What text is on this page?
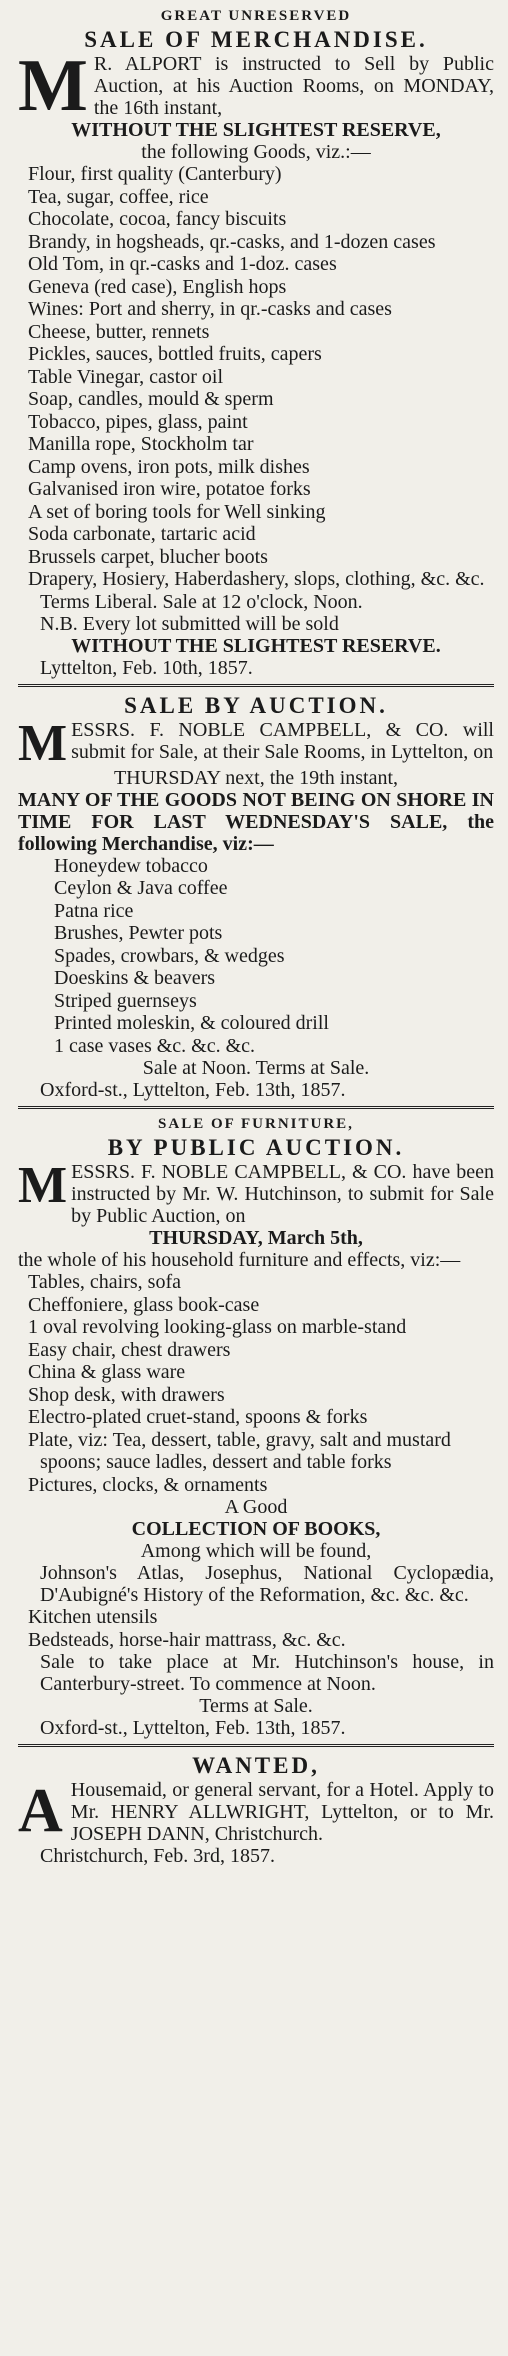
GREAT UNRESERVED
SALE OF MERCHANDISE.
M R. ALPORT is instructed to Sell by Public Auction, at his Auction Rooms, on MONDAY, the 16th instant,
WITHOUT THE SLIGHTEST RESERVE,
the following Goods, viz.:—
Flour, first quality (Canterbury)
Tea, sugar, coffee, rice
Chocolate, cocoa, fancy biscuits
Brandy, in hogsheads, qr.-casks, and 1-dozen cases
Old Tom, in qr.-casks and 1-doz. cases
Geneva (red case), English hops
Wines: Port and sherry, in qr.-casks and cases
Cheese, butter, rennets
Pickles, sauces, bottled fruits, capers
Table Vinegar, castor oil
Soap, candles, mould & sperm
Tobacco, pipes, glass, paint
Manilla rope, Stockholm tar
Camp ovens, iron pots, milk dishes
Galvanised iron wire, potatoe forks
A set of boring tools for Well sinking
Soda carbonate, tartaric acid
Brussels carpet, blucher boots
Drapery, Hosiery, Haberdashery, slops, clothing, &c. &c.
Terms Liberal. Sale at 12 o'clock, Noon.
N.B. Every lot submitted will be sold
WITHOUT THE SLIGHTEST RESERVE.
Lyttelton, Feb. 10th, 1857.
SALE BY AUCTION.
MESSRS. F. NOBLE CAMPBELL, & CO. will submit for Sale, at their Sale Rooms, in Lyttelton, on
THURSDAY next, the 19th instant,
MANY OF THE GOODS NOT BEING ON SHORE IN TIME FOR LAST WEDNESDAY'S SALE, the following Merchandise, viz:—
Honeydew tobacco
Ceylon & Java coffee
Patna rice
Brushes, Pewter pots
Spades, crowbars, & wedges
Doeskins & beavers
Striped guernseys
Printed moleskin, & coloured drill
1 case vases &c. &c. &c.
Sale at Noon. Terms at Sale.
Oxford-st., Lyttelton, Feb. 13th, 1857.
SALE OF FURNITURE,
BY PUBLIC AUCTION.
MESSRS. F. NOBLE CAMPBELL, & CO. have been instructed by Mr. W. Hutchinson, to submit for Sale by Public Auction, on
THURSDAY, March 5th,
the whole of his household furniture and effects, viz:—
Tables, chairs, sofa
Cheffoniere, glass book-case
1 oval revolving looking-glass on marble-stand
Easy chair, chest drawers
China & glass ware
Shop desk, with drawers
Electro-plated cruet-stand, spoons & forks
Plate, viz: Tea, dessert, table, gravy, salt and mustard spoons; sauce ladles, dessert and table forks
Pictures, clocks, & ornaments
A Good
COLLECTION OF BOOKS,
Among which will be found,
Johnson's Atlas, Josephus, National Cyclopædia, D'Aubigné's History of the Reformation, &c. &c. &c.
Kitchen utensils
Bedsteads, horse-hair mattrass, &c. &c.
Sale to take place at Mr. Hutchinson's house, in Canterbury-street. To commence at Noon.
Terms at Sale.
Oxford-st., Lyttelton, Feb. 13th, 1857.
WANTED,
A Housemaid, or general servant, for a Hotel. Apply to Mr. HENRY ALLWRIGHT, Lyttelton, or to Mr. JOSEPH DANN, Christchurch.
Christchurch, Feb. 3rd, 1857.
